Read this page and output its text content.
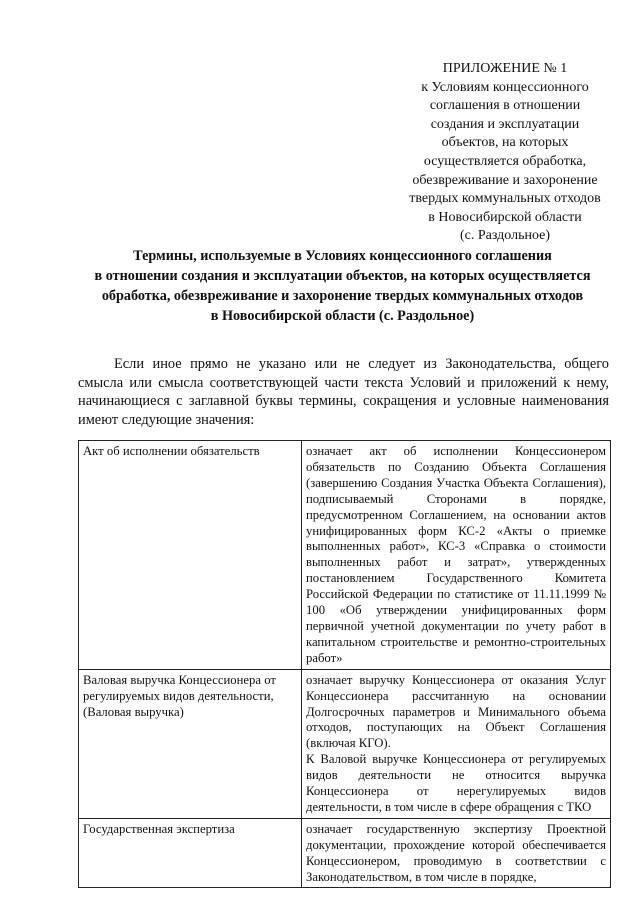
ПРИЛОЖЕНИЕ № 1
к Условиям концессионного
соглашения в отношении
создания и эксплуатации
объектов, на которых
осуществляется обработка,
обезвреживание и захоронение
твердых коммунальных отходов
в Новосибирской области
(с. Раздольное)
Термины, используемые в Условиях концессионного соглашения
в отношении создания и эксплуатации объектов, на которых осуществляется
обработка, обезвреживание и захоронение твердых коммунальных отходов
в Новосибирской области (с. Раздольное)

Если иное прямо не указано или не следует из Законодательства, общего смысла или смысла соответствующей части текста Условий и приложений к нему, начинающиеся с заглавной буквы термины, сокращения и условные наименования имеют следующие значения:

Акт об исполнении обязательств	означает акт об исполнении Концессионером обязательств по Созданию Объекта Соглашения (завершению Создания Участка Объекта Соглашения), подписываемый Сторонами в порядке, предусмотренном Соглашением, на основании актов унифицированных форм КС-2 «Акты о приемке выполненных работ», КС-3 «Справка о стоимости выполненных работ и затрат», утвержденных постановлением Государственного Комитета Российской Федерации по статистике от 11.11.1999 № 100 «Об утверждении унифицированных форм первичной учетной документации по учету работ в капитальном строительстве и ремонтно-строительных работ»
Валовая выручка Концессионера от регулируемых видов деятельности, (Валовая выручка)	означает выручку Концессионера от оказания Услуг Концессионера рассчитанную на основании Долгосрочных параметров и Минимального объема отходов, поступающих на Объект Соглашения (включая КГО).
К Валовой выручке Концессионера от регулируемых видов деятельности не относится выручка Концессионера от нерегулируемых видов деятельности, в том числе в сфере обращения с ТКО

Государственная экспертиза	означает государственную экспертизу Проектной документации, прохождение которой обеспечивается Концессионером, проводимую в соответствии с Законодательством, в том числе в порядке,
